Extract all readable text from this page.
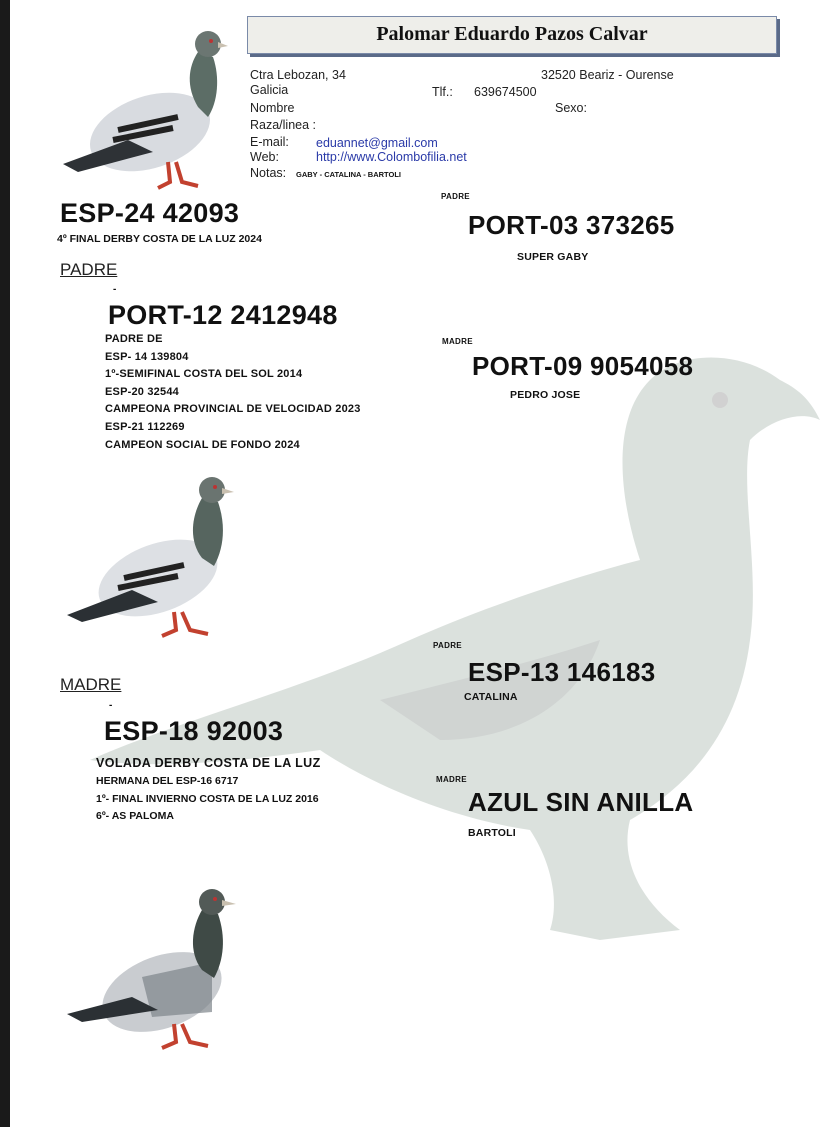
Palomar Eduardo Pazos Calvar
Ctra Lebozan, 34	32520 Beariz - Ourense
Galicia	Tlf.: 639674500
Nombre	Sexo:
Raza/linea :
E-mail: eduannet@gmail.com
Web:	http://www.Colombofilia.net
Notas: GABY - CATALINA - BARTOLI
ESP-24 42093
4º FINAL DERBY COSTA DE LA LUZ 2024
PADRE
PORT-03 373265
SUPER GABY
PADRE
-
PORT-12 2412948
PADRE DE
ESP- 14 139804
1º-SEMIFINAL COSTA DEL SOL 2014
ESP-20 32544
CAMPEONA PROVINCIAL DE VELOCIDAD 2023
ESP-21 112269
CAMPEON SOCIAL DE FONDO 2024
MADRE
PORT-09 9054058
PEDRO JOSE
PADRE
ESP-13 146183
CATALINA
MADRE
-
ESP-18 92003
VOLADA DERBY COSTA DE LA LUZ
HERMANA DEL ESP-16 6717
1º- FINAL INVIERNO COSTA DE LA LUZ 2016
6º- AS PALOMA
MADRE
AZUL SIN ANILLA
BARTOLI
